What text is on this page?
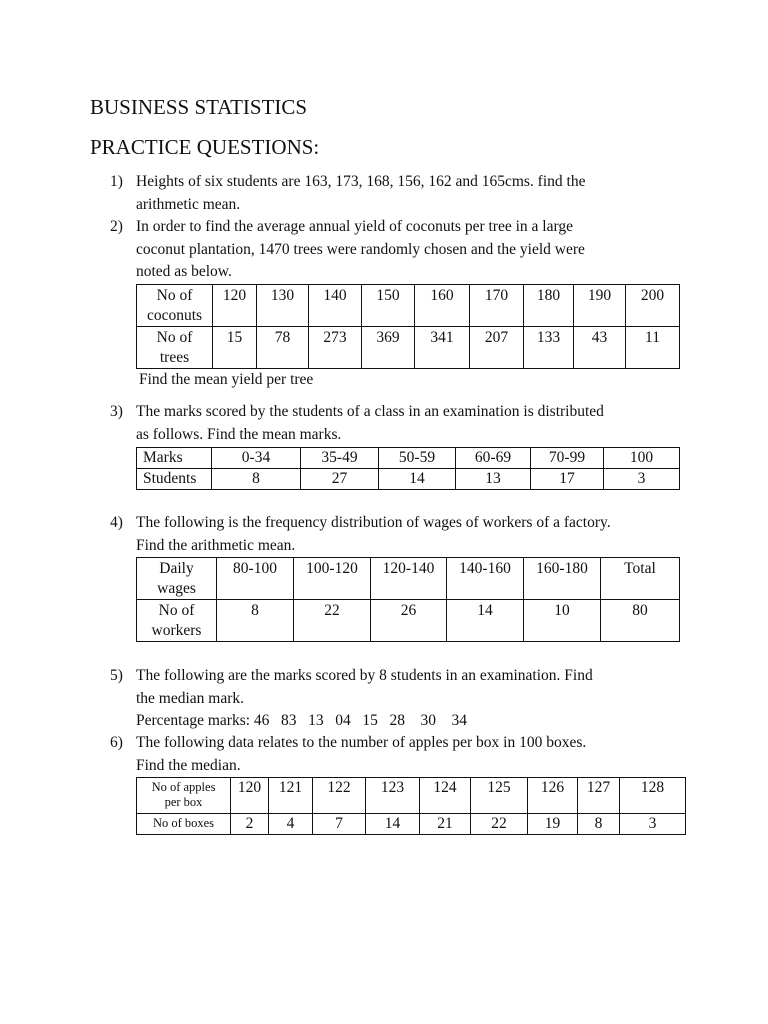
BUSINESS STATISTICS
PRACTICE QUESTIONS:
1) Heights of six students are 163, 173, 168, 156, 162 and 165cms. find the
arithmetic mean.
2) In order to find the average annual yield of coconuts per tree in a large
coconut plantation, 1470 trees were randomly chosen and the yield were
noted as below.
No of
coconuts	120	130	140	150	160	170	180	190	200

No of
trees	15	78	273	369	341	207	133	43	11
Find the mean yield per tree
3) The marks scored by the students of a class in an examination is distributed
as follows. Find the mean marks.
Marks	0-34	35-49	50-59	60-69	70-99	100
Students	8	27	14	13	17	3
4) The following is the frequency distribution of wages of workers of a factory.
Find the arithmetic mean.
Daily
wages	80-100	100-120	120-140	140-160	160-180	Total

No of
workers	8	22	26	14	10	80
5) The following are the marks scored by 8 students in an examination. Find
the median mark.
Percentage marks: 46   83   13   04   15   28    30    34
6) The following data relates to the number of apples per box in 100 boxes.
Find the median.
No of apples
per box	120	121	122	123	124	125	126	127	128
No of boxes	2	4	7	14	21	22	19	8	3
